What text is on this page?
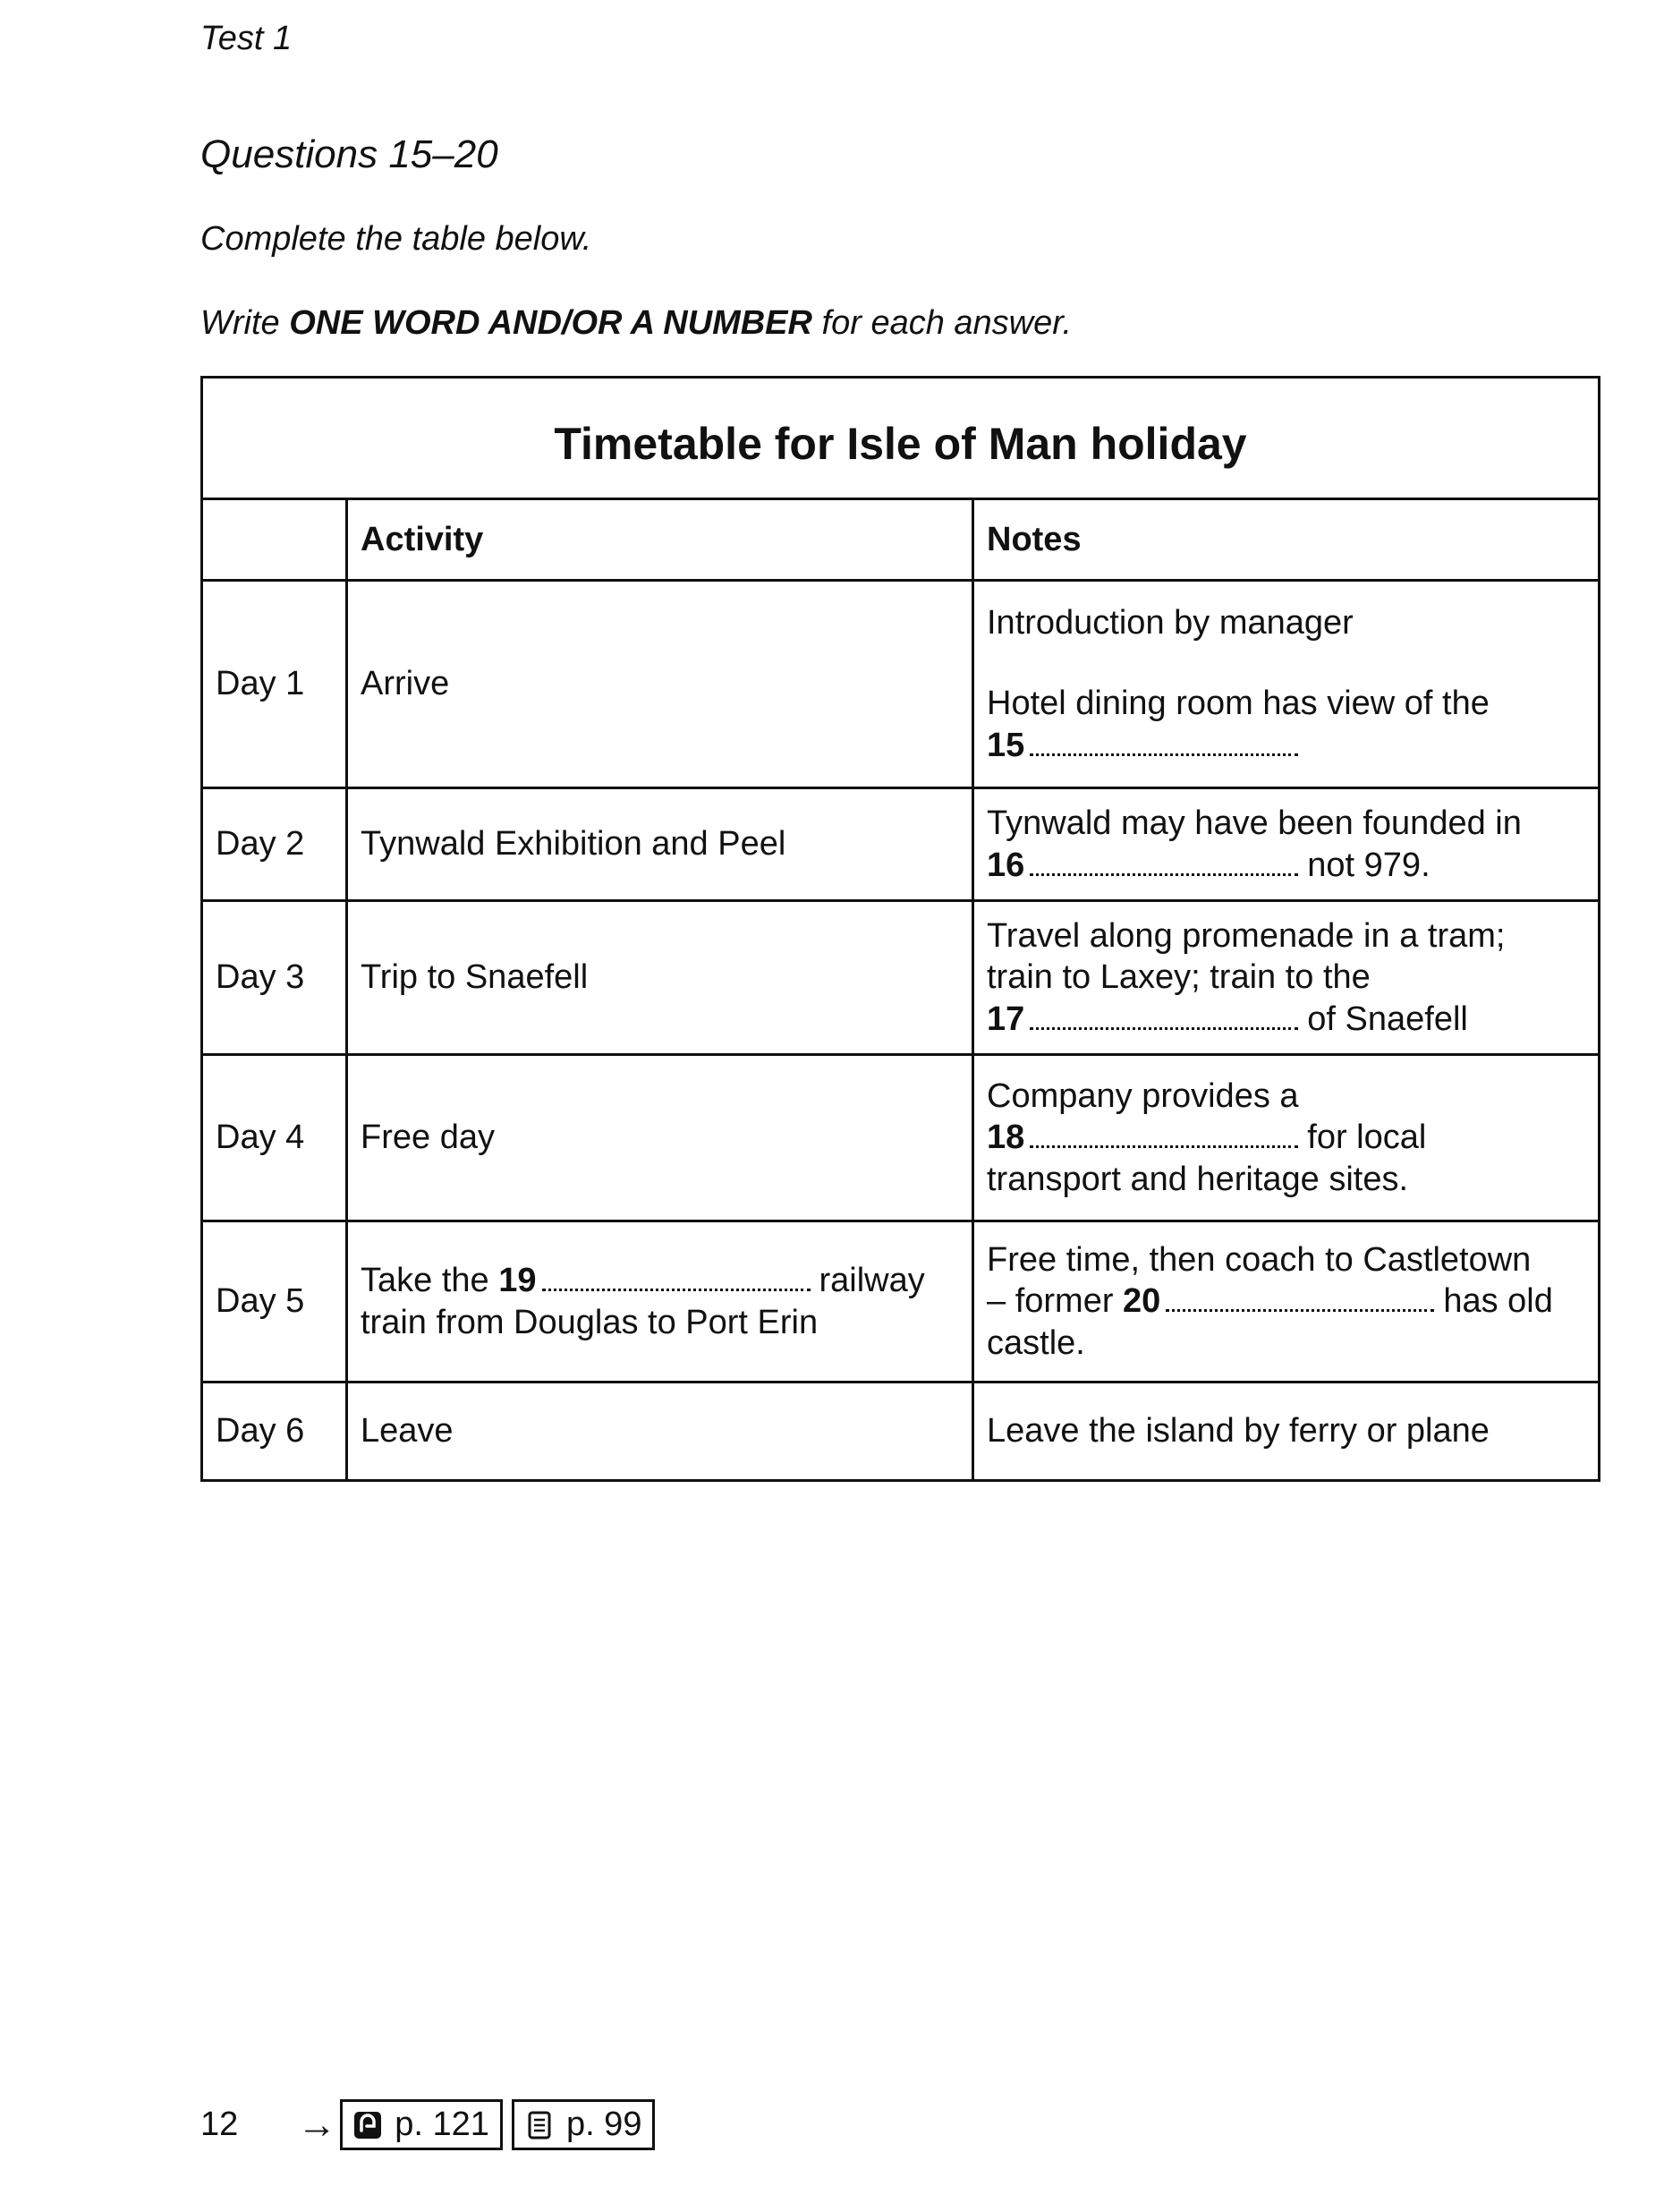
Test 1
Questions 15–20
Complete the table below.
Write ONE WORD AND/OR A NUMBER for each answer.
Timetable for Isle of Man holiday		
	Activity	Notes
Day 1	Arrive	Introduction by manager
Hotel dining room has view of the
15
Day 2	Tynwald Exhibition and Peel	Tynwald may have been founded in
16 not 979.
Day 3	Trip to Snaefell	Travel along promenade in a tram;
train to Laxey; train to the
17 of Snaefell
Day 4	Free day	Company provides a
18 for local
transport and heritage sites.
Day 5	Take the 19 railway
train from Douglas to Port Erin	Free time, then coach to Castletown
– former 20 has old
castle.
Day 6	Leave	Leave the island by ferry or plane
12 → p. 121 p. 99
